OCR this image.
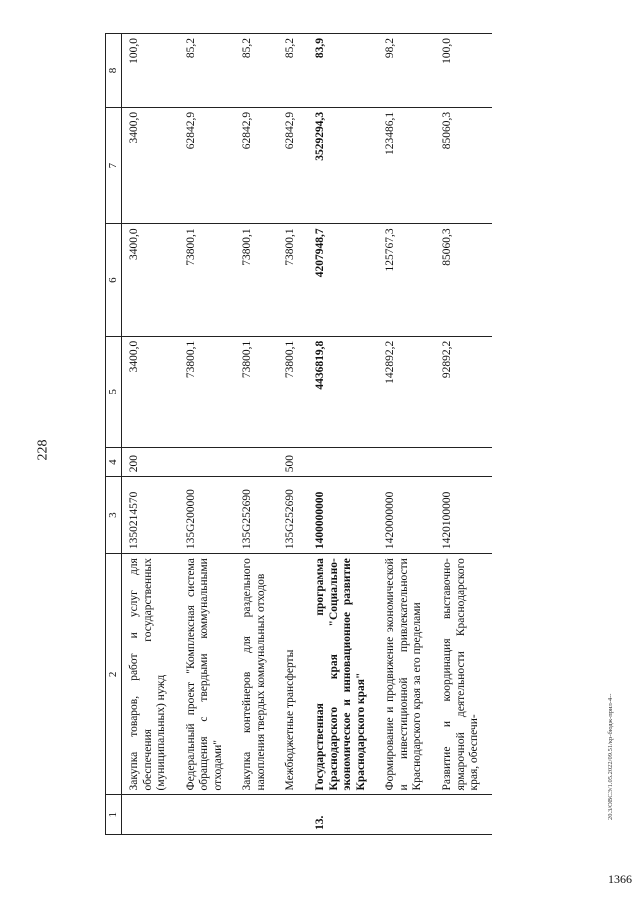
228
1366
20.3/ОВСЭ/1.05.2022/09.51/кр-бюдж-прил-4--
1	2	3	4	5	6	7	8
	Закупка товаров, работ и услуг для обеспечения государственных (муниципальных) нужд	1350214570	200	3400,0	3400,0	3400,0	100,0
	Федеральный проект "Комплексная система обращения с твердыми коммунальными отходами"	135G200000		73800,1	73800,1	62842,9	85,2
	Закупка контейнеров для раздельного накопления твердых коммунальных отходов	135G252690		73800,1	73800,1	62842,9	85,2
	Межбюджетные трансферты	135G252690	500	73800,1	73800,1	62842,9	85,2
13.	Государственная программа Краснодарского края "Социально-экономическое и инновационное развитие Краснодарского края"	1400000000		4436819,8	4207948,7	3529294,3	83,9
	Формирование и продвижение экономической и инвестиционной привлекательности Краснодарского края за его пределами	1420000000		142892,2	125767,3	123486,1	98,2
	Развитие и координация выставочно-ярмарочной деятельности Краснодарского края, обеспечи-	1420100000		92892,2	85060,3	85060,3	100,0
